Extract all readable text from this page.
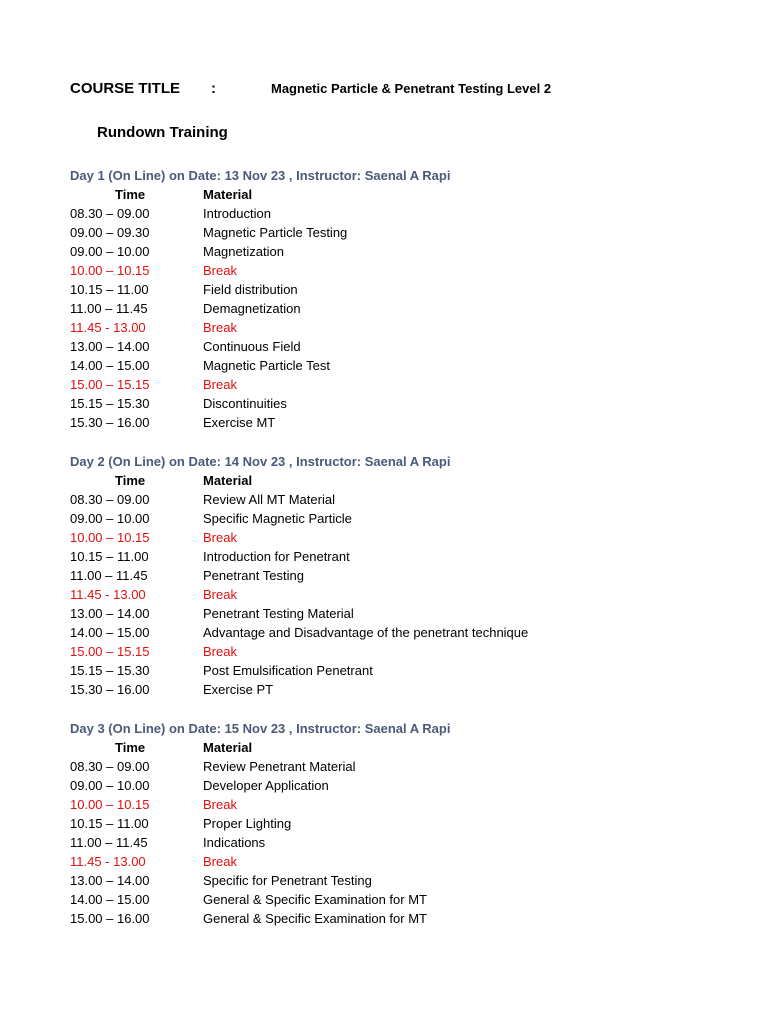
COURSE TITLE :	Magnetic Particle & Penetrant Testing Level 2
Rundown Training
Day 1 (On Line) on Date: 13 Nov 23 , Instructor: Saenal A Rapi
Time	Material
08.30 – 09.00	Introduction
09.00 – 09.30	Magnetic Particle Testing
09.00 – 10.00	Magnetization
10.00 – 10.15	Break
10.15 – 11.00	Field distribution
11.00 – 11.45	Demagnetization
11.45 - 13.00	Break
13.00 – 14.00	Continuous Field
14.00 – 15.00	Magnetic Particle Test
15.00 – 15.15	Break
15.15 – 15.30	Discontinuities
15.30 – 16.00	Exercise MT
Day 2 (On Line) on Date: 14 Nov 23 , Instructor: Saenal A Rapi
Time	Material
08.30 – 09.00	Review All MT Material
09.00 – 10.00	Specific Magnetic Particle
10.00 – 10.15	Break
10.15 – 11.00	Introduction for Penetrant
11.00 – 11.45	Penetrant Testing
11.45 - 13.00	Break
13.00 – 14.00	Penetrant Testing Material
14.00 – 15.00	Advantage and Disadvantage of the penetrant technique
15.00 – 15.15	Break
15.15 – 15.30	Post Emulsification Penetrant
15.30 – 16.00	Exercise PT
Day 3 (On Line) on Date: 15 Nov 23 , Instructor: Saenal A Rapi
Time	Material
08.30 – 09.00	Review Penetrant Material
09.00 – 10.00	Developer Application
10.00 – 10.15	Break
10.15 – 11.00	Proper Lighting
11.00 – 11.45	Indications
11.45 - 13.00	Break
13.00 – 14.00	Specific for Penetrant Testing
14.00 – 15.00	General & Specific Examination for MT
15.00 – 16.00	General & Specific Examination for MT
